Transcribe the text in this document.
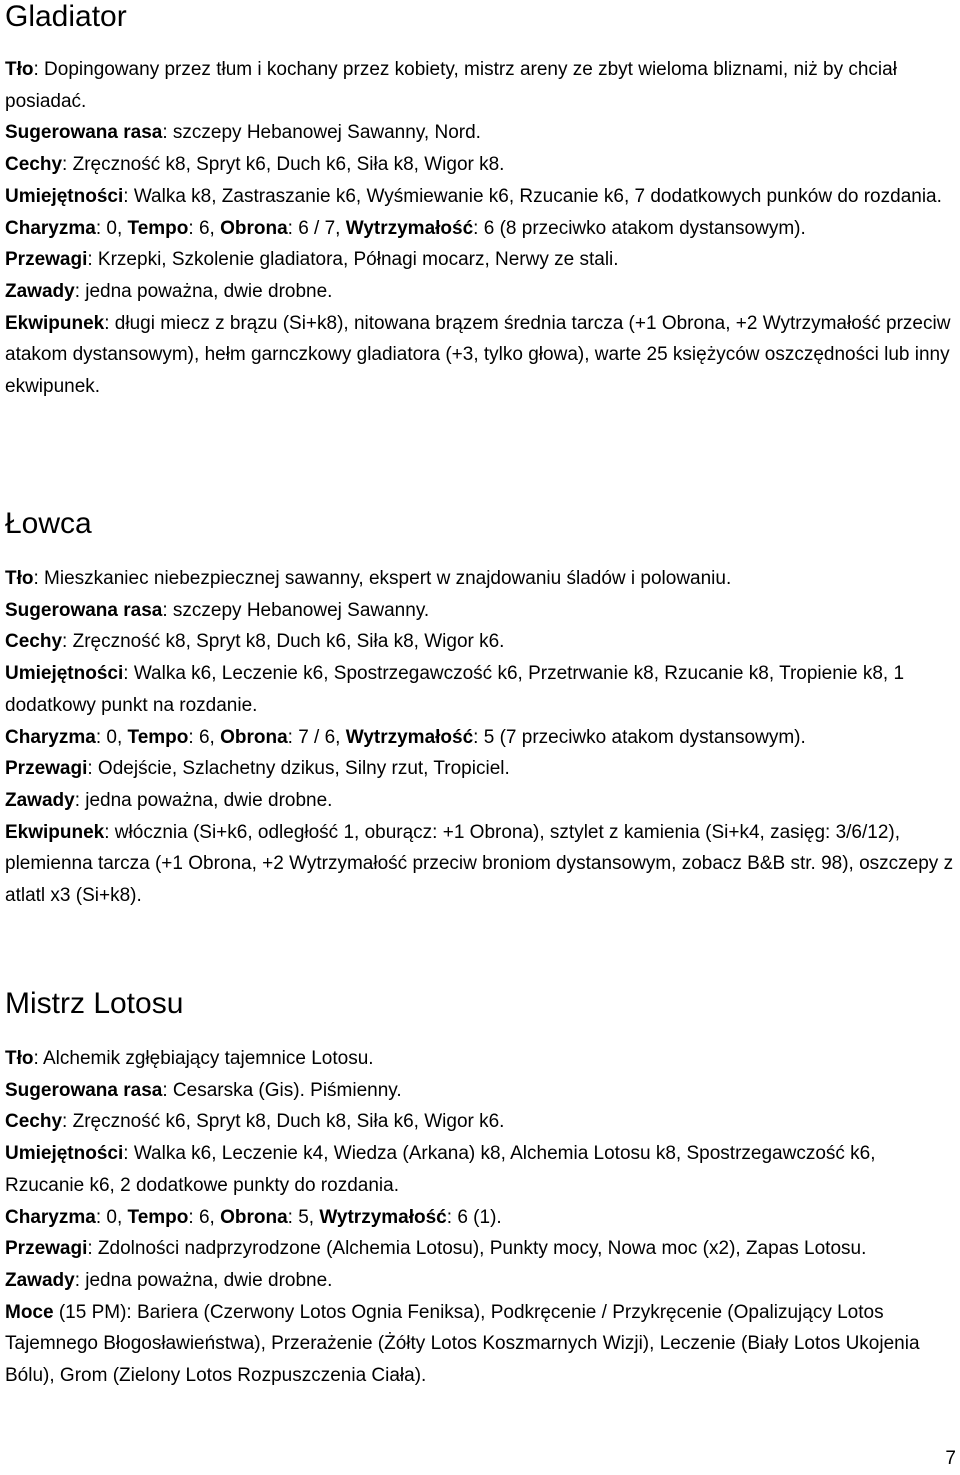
Gladiator

Tło: Dopingowany przez tłum i kochany przez kobiety, mistrz areny ze zbyt wieloma bliznami, niż by chciał posiadać.

Sugerowana rasa: szczepy Hebanowej Sawanny, Nord.

Cechy: Zręczność k8, Spryt k6, Duch k6, Siła k8, Wigor k8.

Umiejętności: Walka k8, Zastraszanie k6, Wyśmiewanie k6, Rzucanie k6, 7 dodatkowych punków do rozdania.

Charyzma: 0, Tempo: 6, Obrona: 6 / 7, Wytrzymałość: 6 (8 przeciwko atakom dystansowym).

Przewagi: Krzepki, Szkolenie gladiatora, Półnagi mocarz, Nerwy ze stali.

Zawady: jedna poważna, dwie drobne.

Ekwipunek: długi miecz z brązu (Si+k8), nitowana brązem średnia tarcza (+1 Obrona, +2 Wytrzymałość przeciw atakom dystansowym), hełm garnczkowy gladiatora (+3, tylko głowa), warte 25 księżyców oszczędności lub inny ekwipunek.

Łowca

Tło: Mieszkaniec niebezpiecznej sawanny, ekspert w znajdowaniu śladów i polowaniu.

Sugerowana rasa: szczepy Hebanowej Sawanny.

Cechy: Zręczność k8, Spryt k8, Duch k6, Siła k8, Wigor k6.

Umiejętności: Walka k6, Leczenie k6, Spostrzegawczość k6, Przetrwanie k8, Rzucanie k8, Tropienie k8, 1 dodatkowy punkt na rozdanie.

Charyzma: 0, Tempo: 6, Obrona: 7 / 6, Wytrzymałość: 5 (7 przeciwko atakom dystansowym).

Przewagi: Odejście, Szlachetny dzikus, Silny rzut, Tropiciel.

Zawady: jedna poważna, dwie drobne.

Ekwipunek: włócznia (Si+k6, odległość 1, oburącz: +1 Obrona), sztylet z kamienia (Si+k4, zasięg: 3/6/12), plemienna tarcza (+1 Obrona, +2 Wytrzymałość przeciw broniom dystansowym, zobacz B&B str. 98), oszczepy z atlatl x3 (Si+k8).

Mistrz Lotosu

Tło: Alchemik zgłębiający tajemnice Lotosu.

Sugerowana rasa: Cesarska (Gis). Piśmienny.

Cechy: Zręczność k6, Spryt k8, Duch k8, Siła k6, Wigor k6.

Umiejętności: Walka k6, Leczenie k4, Wiedza (Arkana) k8, Alchemia Lotosu k8, Spostrzegawczość k6, Rzucanie k6, 2 dodatkowe punkty do rozdania.

Charyzma: 0, Tempo: 6, Obrona: 5, Wytrzymałość: 6 (1).

Przewagi: Zdolności nadprzyrodzone (Alchemia Lotosu), Punkty mocy, Nowa moc (x2), Zapas Lotosu.

Zawady: jedna poważna, dwie drobne.

Moce (15 PM): Bariera (Czerwony Lotos Ognia Feniksa), Podkręcenie / Przykręcenie (Opalizujący Lotos Tajemnego Błogosławieństwa), Przerażenie (Żółty Lotos Koszmarnych Wizji), Leczenie (Biały Lotos Ukojenia Bólu), Grom (Zielony Lotos Rozpuszczenia Ciała).

7
